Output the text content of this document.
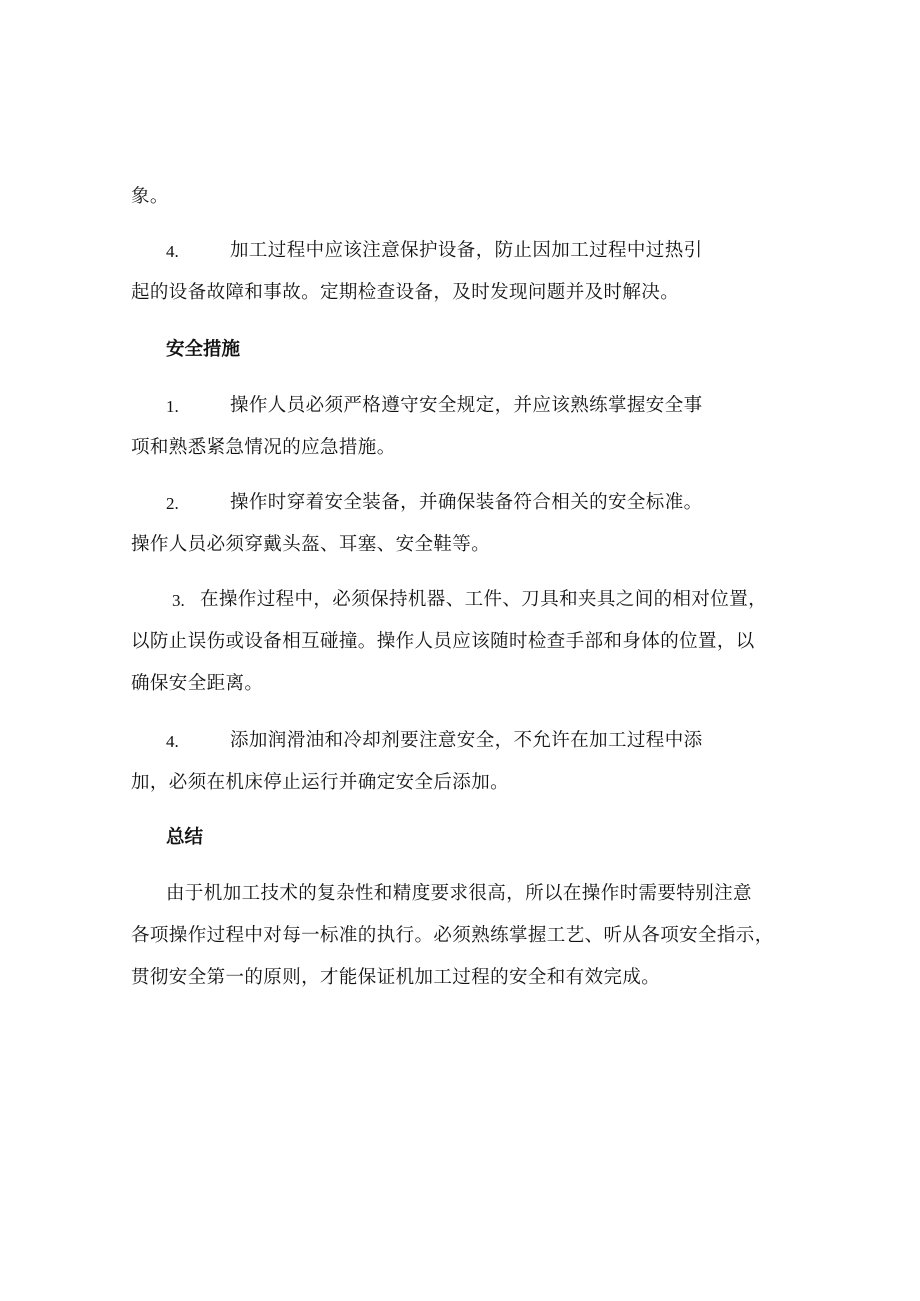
象。
4.	加工过程中应该注意保护设备，防止因加工过程中过热引
起的设备故障和事故。定期检查设备，及时发现问题并及时解决。
安全措施
1.	操作人员必须严格遵守安全规定，并应该熟练掌握安全事
项和熟悉紧急情况的应急措施。
2.	操作时穿着安全装备，并确保装备符合相关的安全标准。
操作人员必须穿戴头盔、耳塞、安全鞋等。
3. 在操作过程中，必须保持机器、工件、刀具和夹具之间的相对位置，
以防止误伤或设备相互碰撞。操作人员应该随时检查手部和身体的位置，以
确保安全距离。
4.	添加润滑油和冷却剂要注意安全，不允许在加工过程中添
加，必须在机床停止运行并确定安全后添加。
总结
由于机加工技术的复杂性和精度要求很高，所以在操作时需要特别注意
各项操作过程中对每一标准的执行。必须熟练掌握工艺、听从各项安全指示，
贯彻安全第一的原则，才能保证机加工过程的安全和有效完成。
